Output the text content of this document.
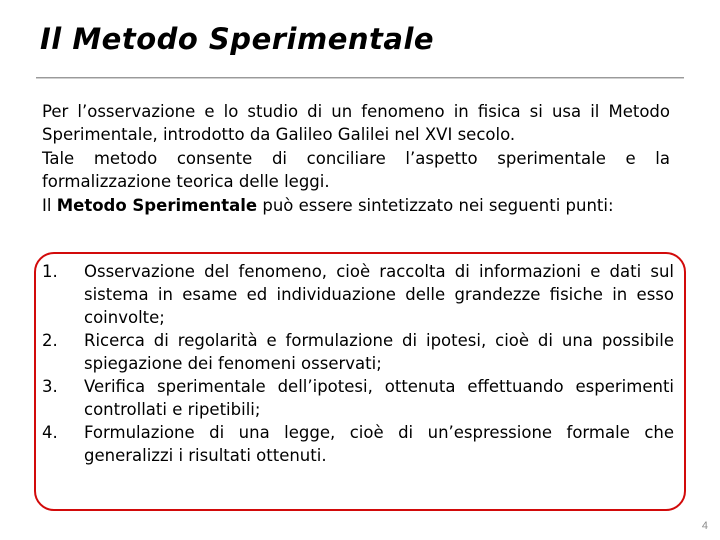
Il Metodo Sperimentale

Per l’osservazione e lo studio di un fenomeno in fisica si usa il Metodo Sperimentale, introdotto da Galileo Galilei nel XVI secolo.

Tale metodo consente di conciliare l’aspetto sperimentale e la formalizzazione teorica delle leggi.

Il Metodo Sperimentale può essere sintetizzato nei seguenti punti:

1. Osservazione del fenomeno, cioè raccolta di informazioni e dati sul sistema in esame ed individuazione delle grandezze fisiche in esso coinvolte;
2. Ricerca di regolarità e formulazione di ipotesi, cioè di una possibile spiegazione dei fenomeni osservati;
3. Verifica sperimentale dell’ipotesi, ottenuta effettuando esperimenti controllati e ripetibili;
4. Formulazione di una legge, cioè di un’espressione formale che generalizzi i risultati ottenuti.
4
